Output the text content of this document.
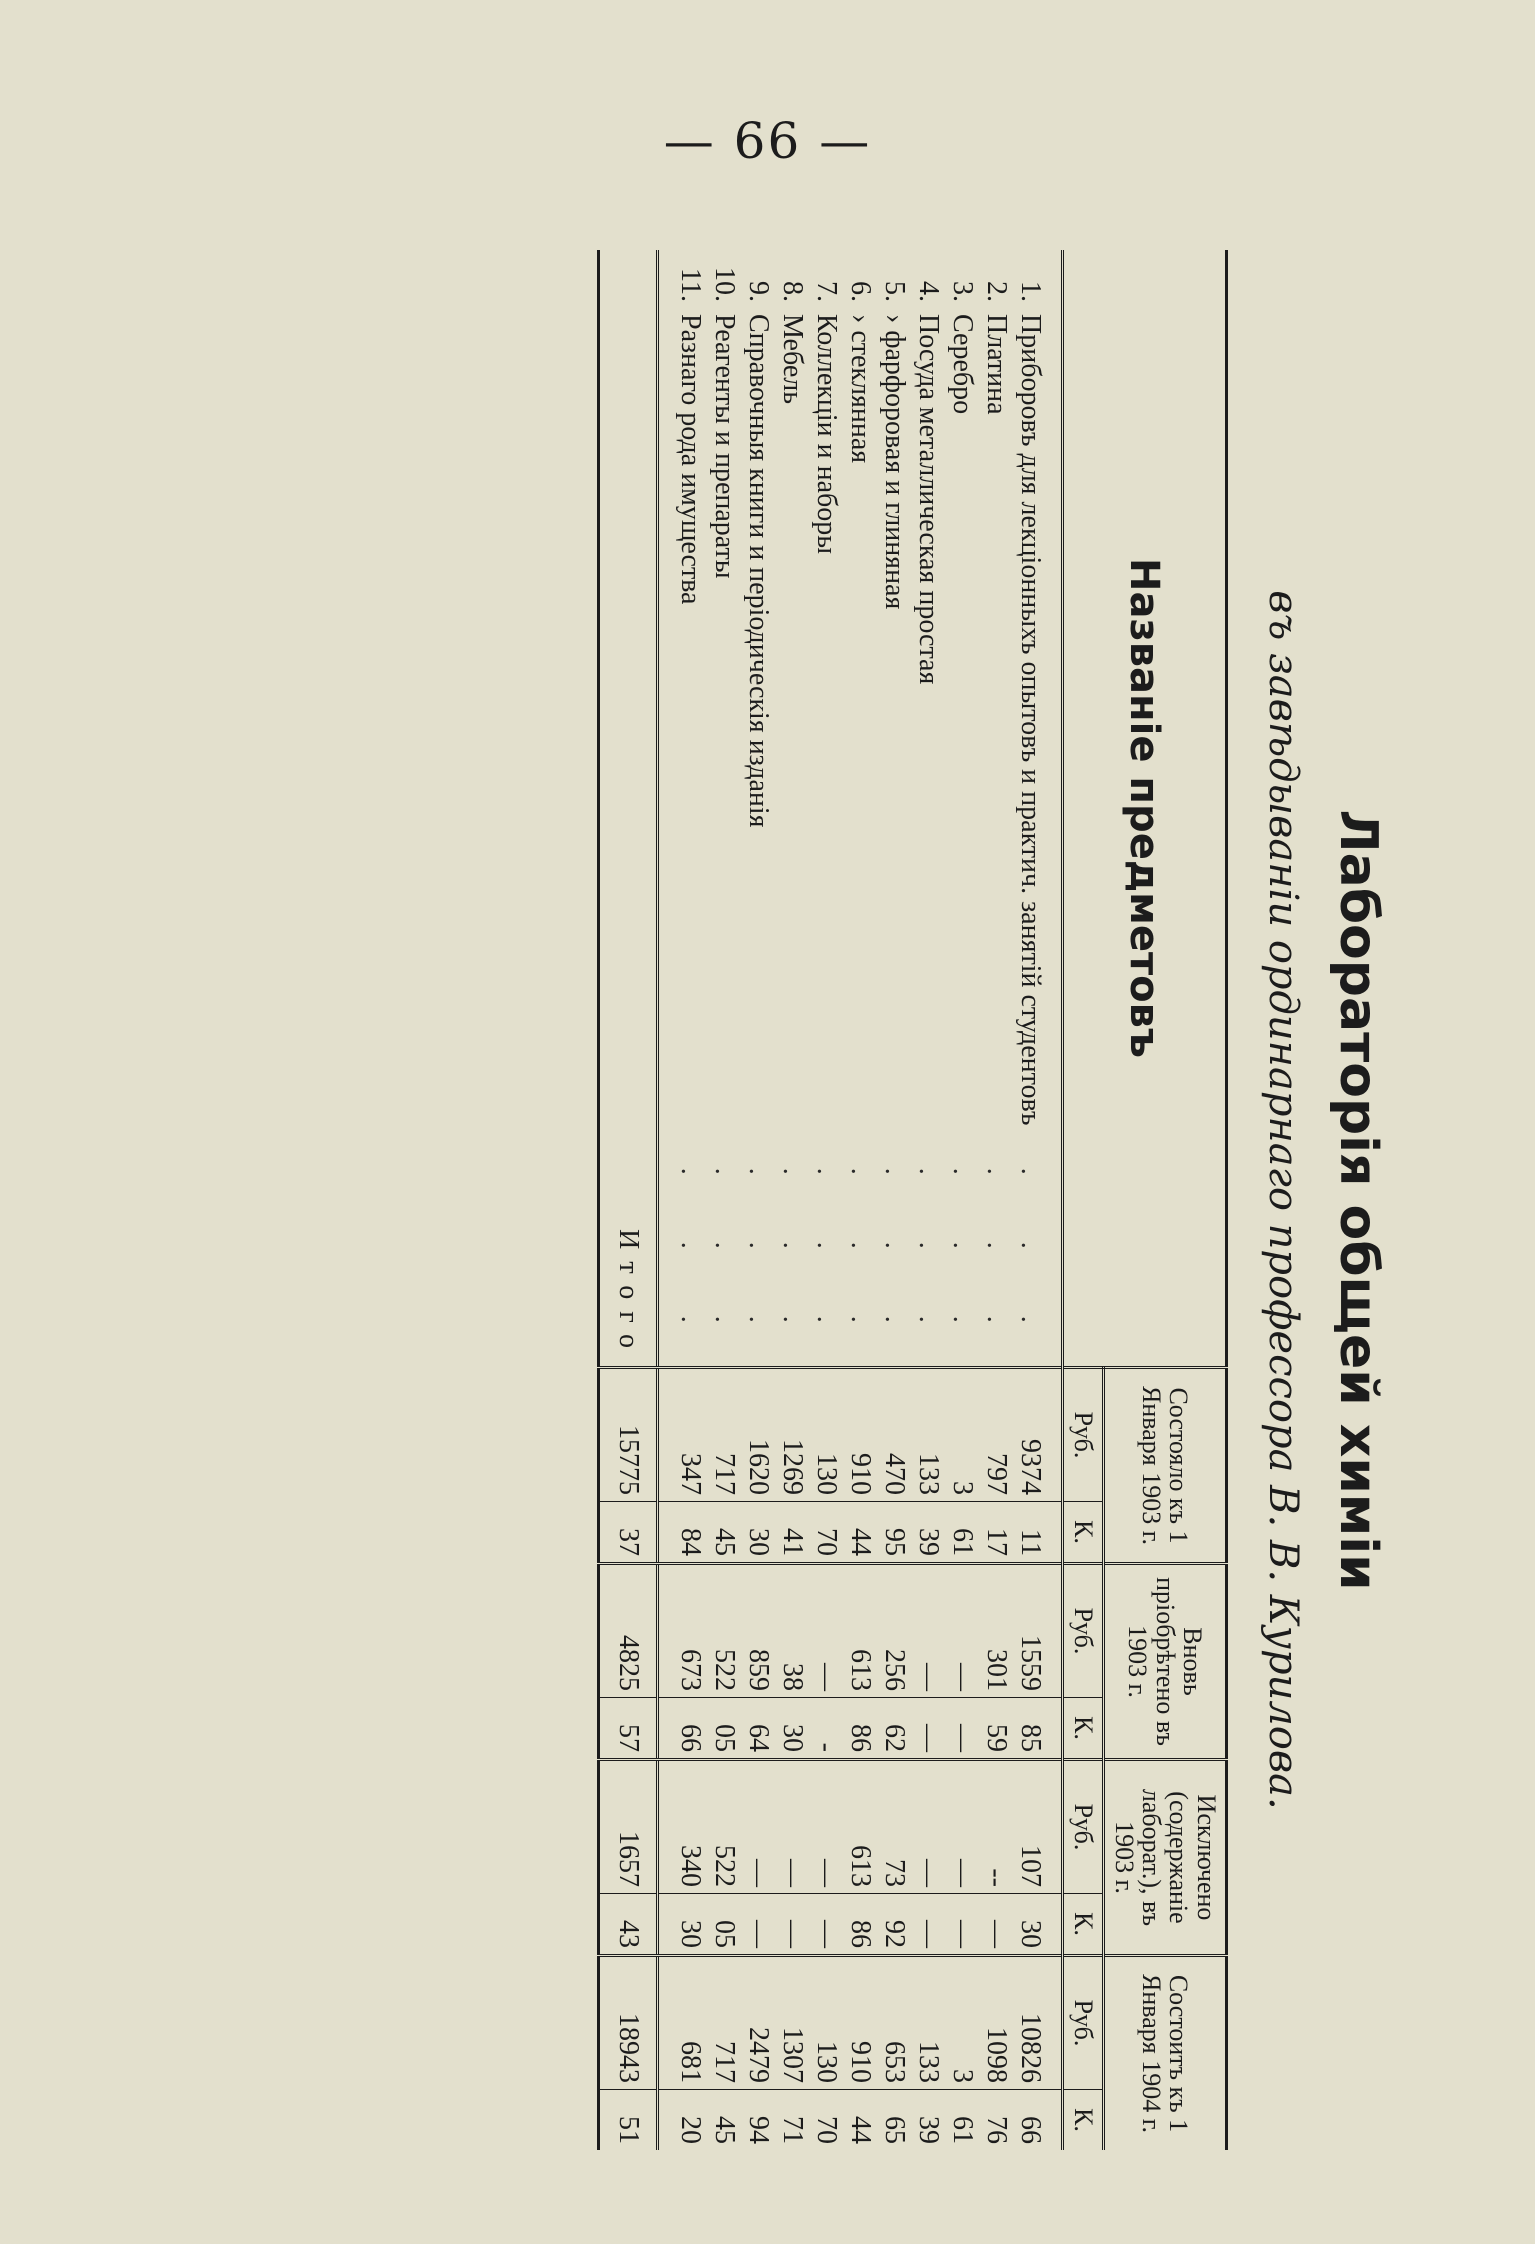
— 66 —
Лабораторія общей химіи
въ завѣдыванiи ординарнаго профессора В. В. Курилова.
Названіе предметовъ			Состояло къ 1 Января 1903 г.		Вновь пріобрѣтено въ 1903 г.		Исключено (содержаніе лаборат.), въ 1903 г.		Состоитъ къ 1 Января 1904 г.	
			Руб.	К.	Руб.	К.	Руб.	К.	Руб.	К.
1.	Приборовъ для лекціонныхъ опытовъ и практич. занятій студентовъ	. . .	9374	11	1559	85	107	30	10826	66
2.	Платина	. . .	797	17	301	59	--	—	1098	76
3.	Серебро	. . .	3	61	—	—	—	—	3	61
4.	Посуда металлическая простая	. . .	133	39	—	—	—	—	133	39
5.	› фарфоровая и глиняная	. . .	470	95	256	62	73	92	653	65
6.	› стеклянная	. . .	910	44	613	86	613	86	910	44
7.	Коллекціи и наборы	. . .	130	70	—	-	—	—	130	70
8.	Мебель	. . .	1269	41	38	30	—	—	1307	71
9.	Справочныя книги и періодическія изданія	. . .	1620	30	859	64	—	—	2479	94
10.	Реагенты и препараты	. . .	717	45	522	05	522	05	717	45
11.	Разнаго рода имущества	. . .	347	84	673	66	340	30	681	20
Итого			15775	37	4825	57	1657	43	18943	51
